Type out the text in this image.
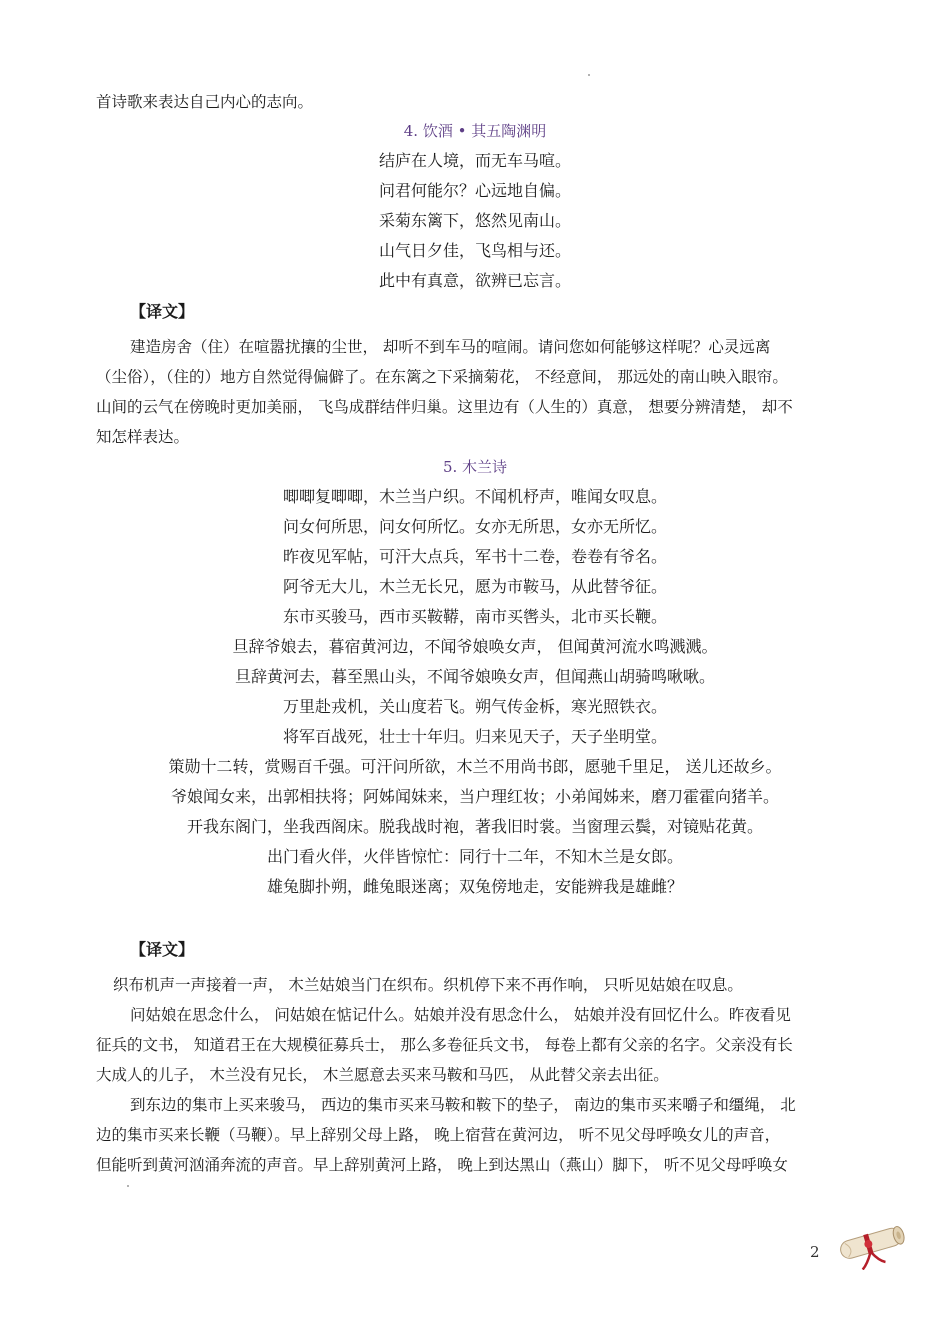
首诗歌来表达自己内心的志向。
4. 饮酒 • 其五陶渊明
结庐在人境，而无车马喧。
问君何能尔？心远地自偏。
采菊东篱下，悠然见南山。
山气日夕佳，飞鸟相与还。
此中有真意，欲辨已忘言。
【译文】
建造房舍（住）在喧嚣扰攘的尘世， 却听不到车马的喧闹。请问您如何能够这样呢？心灵远离
（尘俗），（住的）地方自然觉得偏僻了。在东篱之下采摘菊花， 不经意间， 那远处的南山映入眼帘。
山间的云气在傍晚时更加美丽， 飞鸟成群结伴归巢。这里边有（人生的）真意， 想要分辨清楚， 却不
知怎样表达。
5. 木兰诗
唧唧复唧唧，木兰当户织。不闻机杼声，唯闻女叹息。
问女何所思，问女何所忆。女亦无所思，女亦无所忆。
昨夜见军帖，可汗大点兵，军书十二卷，卷卷有爷名。
阿爷无大儿，木兰无长兄，愿为市鞍马，从此替爷征。
东市买骏马，西市买鞍鞯，南市买辔头，北市买长鞭。
旦辞爷娘去，暮宿黄河边，不闻爷娘唤女声， 但闻黄河流水鸣溅溅。
旦辞黄河去，暮至黑山头，不闻爷娘唤女声，但闻燕山胡骑鸣啾啾。
万里赴戎机，关山度若飞。朔气传金柝，寒光照铁衣。
将军百战死，壮士十年归。归来见天子，天子坐明堂。
策勋十二转，赏赐百千强。可汗问所欲，木兰不用尚书郎，愿驰千里足， 送儿还故乡。
爷娘闻女来，出郭相扶将；阿姊闻妹来，当户理红妆；小弟闻姊来，磨刀霍霍向猪羊。
开我东阁门，坐我西阁床。脱我战时袍，著我旧时裳。当窗理云鬓，对镜贴花黄。
出门看火伴，火伴皆惊忙：同行十二年，不知木兰是女郎。
雄兔脚扑朔，雌兔眼迷离；双兔傍地走，安能辨我是雄雌？
【译文】
织布机声一声接着一声， 木兰姑娘当门在织布。织机停下来不再作响， 只听见姑娘在叹息。
问姑娘在思念什么， 问姑娘在惦记什么。姑娘并没有思念什么， 姑娘并没有回忆什么。昨夜看见
征兵的文书， 知道君王在大规模征募兵士， 那么多卷征兵文书， 每卷上都有父亲的名字。父亲没有长
大成人的儿子， 木兰没有兄长， 木兰愿意去买来马鞍和马匹， 从此替父亲去出征。
到东边的集市上买来骏马， 西边的集市买来马鞍和鞍下的垫子， 南边的集市买来嚼子和缰绳， 北
边的集市买来长鞭（马鞭）。早上辞别父母上路， 晚上宿营在黄河边， 听不见父母呼唤女儿的声音，
但能听到黄河汹涌奔流的声音。早上辞别黄河上路， 晚上到达黑山（燕山）脚下， 听不见父母呼唤女
2
